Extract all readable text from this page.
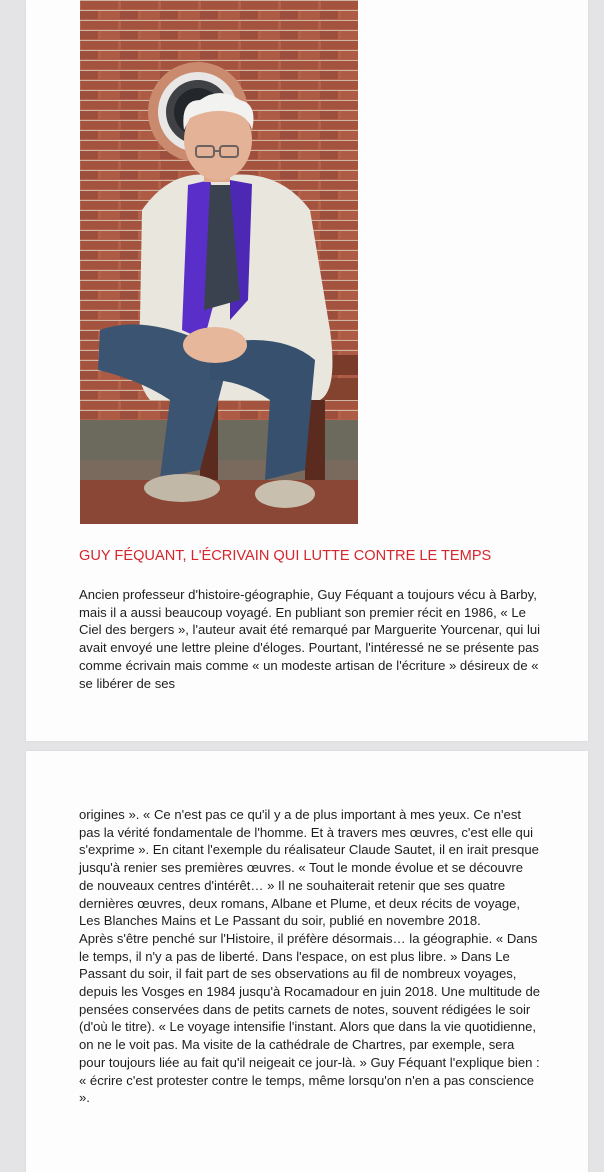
GUY FÉQUANT, L'ÉCRIVAIN QUI LUTTE CONTRE LE TEMPS

Ancien professeur d'histoire-géographie, Guy Féquant a toujours vécu à Barby, mais il a aussi beaucoup voyagé. En publiant son premier récit en 1986, « Le Ciel des bergers », l'auteur avait été remarqué par Marguerite Yourcenar, qui lui avait envoyé une lettre pleine d'éloges. Pourtant, l'intéressé ne se présente pas comme écrivain mais comme « un modeste artisan de l'écriture » désireux de « se libérer de ses

origines ». « Ce n'est pas ce qu'il y a de plus important à mes yeux. Ce n'est pas la vérité fondamentale de l'homme. Et à travers mes œuvres, c'est elle qui s'exprime ». En citant l'exemple du réalisateur Claude Sautet, il en irait presque jusqu'à renier ses premières œuvres. « Tout le monde évolue et se découvre de nouveaux centres d'intérêt… » Il ne souhaiterait retenir que ses quatre dernières œuvres, deux romans, Albane et Plume, et deux récits de voyage, Les Blanches Mains et Le Passant du soir, publié en novembre 2018.

Après s'être penché sur l'Histoire, il préfère désormais… la géographie. « Dans le temps, il n'y a pas de liberté. Dans l'espace, on est plus libre. » Dans Le Passant du soir, il fait part de ses observations au fil de nombreux voyages, depuis les Vosges en 1984 jusqu'à Rocamadour en juin 2018. Une multitude de pensées conservées dans de petits carnets de notes, souvent rédigées le soir (d'où le titre). « Le voyage intensifie l'instant. Alors que dans la vie quotidienne, on ne le voit pas. Ma visite de la cathédrale de Chartres, par exemple, sera pour toujours liée au fait qu'il neigeait ce jour-là. » Guy Féquant l'explique bien : « écrire c'est protester contre le temps, même lorsqu'on n'en a pas conscience ».
